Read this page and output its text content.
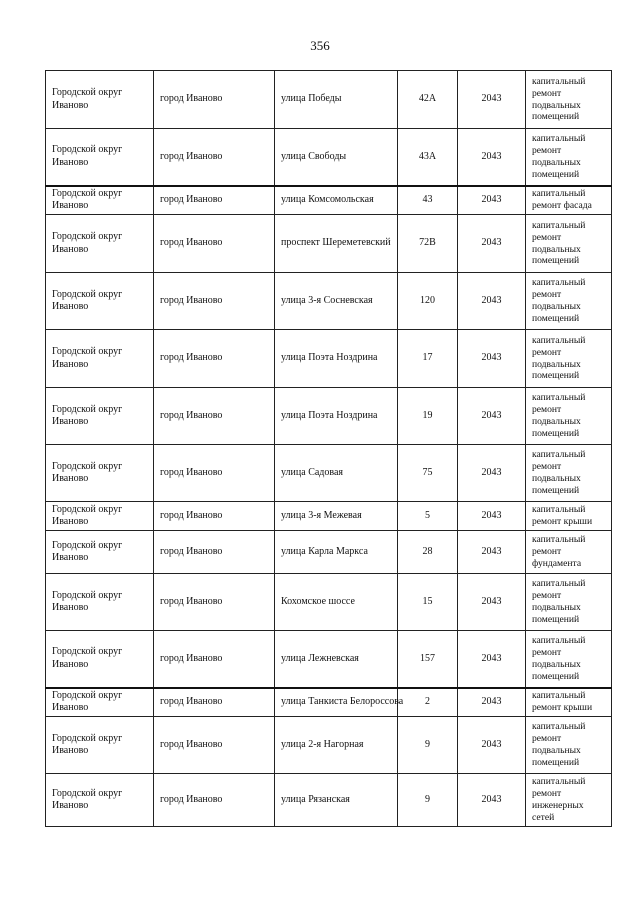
356
Городской округ Иваново	город Иваново	улица Победы	42А	2043	капитальный ремонт подвальных помещений
Городской округ Иваново	город Иваново	улица Свободы	43А	2043	капитальный ремонт подвальных помещений
Городской округ Иваново	город Иваново	улица Комсомольская	43	2043	капитальный ремонт фасада
Городской округ Иваново	город Иваново	проспект Шереметевский	72В	2043	капитальный ремонт подвальных помещений
Городской округ Иваново	город Иваново	улица 3-я Сосневская	120	2043	капитальный ремонт подвальных помещений
Городской округ Иваново	город Иваново	улица Поэта Ноздрина	17	2043	капитальный ремонт подвальных помещений
Городской округ Иваново	город Иваново	улица Поэта Ноздрина	19	2043	капитальный ремонт подвальных помещений
Городской округ Иваново	город Иваново	улица Садовая	75	2043	капитальный ремонт подвальных помещений
Городской округ Иваново	город Иваново	улица 3-я Межевая	5	2043	капитальный ремонт крыши
Городской округ Иваново	город Иваново	улица Карла Маркса	28	2043	капитальный ремонт фундамента
Городской округ Иваново	город Иваново	Кохомское шоссе	15	2043	капитальный ремонт подвальных помещений
Городской округ Иваново	город Иваново	улица Лежневская	157	2043	капитальный ремонт подвальных помещений
Городской округ Иваново	город Иваново	улица Танкиста Белороссова	2	2043	капитальный ремонт крыши
Городской округ Иваново	город Иваново	улица 2-я Нагорная	9	2043	капитальный ремонт подвальных помещений
Городской округ Иваново	город Иваново	улица Рязанская	9	2043	капитальный ремонт инженерных сетей
